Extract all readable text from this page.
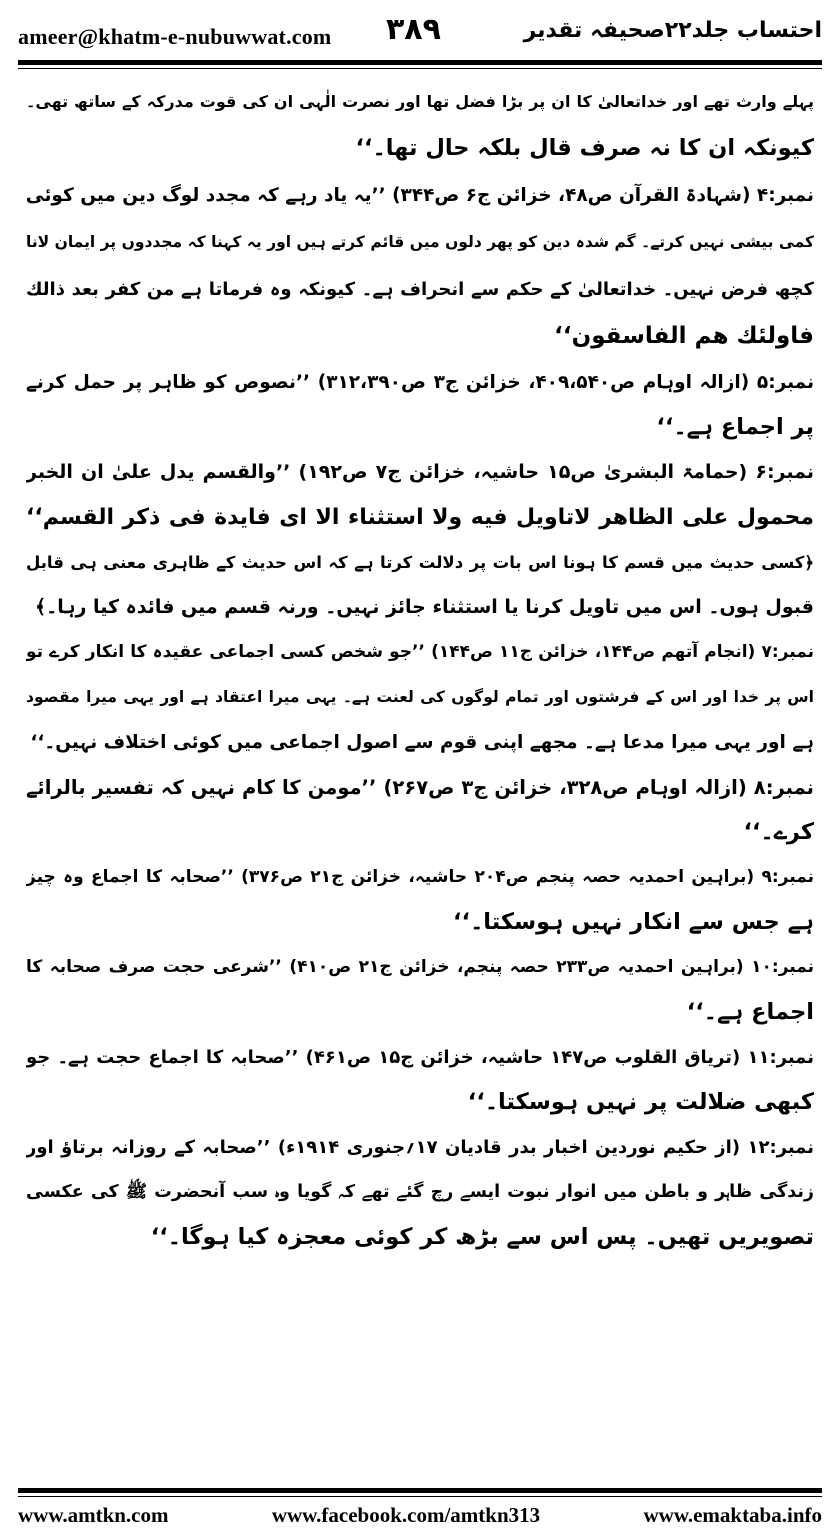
ameer@khatm-e-nubuwwat.com ۳۸۹	احتساب جلد۲۲صحیفہ تقدیر
پہلے وارث تھے اور خداتعالیٰ کا ان پر بڑا فضل تھا اور نصرت الٰہی ان کی قوت مدرکہ کے ساتھ تھی۔
کیونکہ ان کا نہ صرف قال بلکہ حال تھا۔‘‘
نمبر:۴ (شہادۃ القرآن ص۴۸، خزائن ج۶ ص۳۴۴) ’’یہ یاد رہے کہ مجدد لوگ دین میں کوئی
کمی بیشی نہیں کرتے۔ گم شدہ دین کو پھر دلوں میں قائم کرتے ہیں اور یہ کہنا کہ مجددوں پر ایمان لانا
کچھ فرض نہیں۔ خداتعالیٰ کے حکم سے انحراف ہے۔ کیونکہ وہ فرماتا ہے من کفر بعد ذالك
فاولئك هم الفاسقون‘‘
نمبر:۵ (ازالہ اوہام ص۴۰۹،۵۴۰، خزائن ج۳ ص۳۱۲،۳۹۰) ’’نصوص کو ظاہر پر حمل کرنے
پر اجماع ہے۔‘‘
نمبر:۶ (حمامۃ البشریٰ ص۱۵ حاشیہ، خزائن ج۷ ص۱۹۲) ’’والقسم يدل علىٰ ان الخبر
محمول على الظاهر لاتاويل فيه ولا استثناء الا اى فايدة فى ذكر القسم‘‘
﴿کسی حدیث میں قسم کا ہونا اس بات پر دلالت کرتا ہے کہ اس حدیث کے ظاہری معنی ہی قابل
قبول ہوں۔ اس میں تاویل کرنا یا استثناء جائز نہیں۔ ورنہ قسم میں فائدہ کیا رہا۔﴾
نمبر:۷ (انجام آتھم ص۱۴۴، خزائن ج۱۱ ص۱۴۴) ’’جو شخص کسی اجماعی عقیدہ کا انکار کرے تو
اس پر خدا اور اس کے فرشتوں اور تمام لوگوں کی لعنت ہے۔ یہی میرا اعتقاد ہے اور یہی میرا مقصود
ہے اور یہی میرا مدعا ہے۔ مجھے اپنی قوم سے اصول اجماعی میں کوئی اختلاف نہیں۔‘‘
نمبر:۸ (ازالہ اوہام ص۳۲۸، خزائن ج۳ ص۲۶۷) ’’مومن کا کام نہیں کہ تفسیر بالرائے
کرے۔‘‘
نمبر:۹ (براہین احمدیہ حصہ پنجم ص۲۰۴ حاشیہ، خزائن ج۲۱ ص۳۷۶) ’’صحابہ کا اجماع وہ چیز
ہے جس سے انکار نہیں ہوسکتا۔‘‘
نمبر:۱۰ (براہین احمدیہ ص۲۳۳ حصہ پنجم، خزائن ج۲۱ ص۴۱۰) ’’شرعی حجت صرف صحابہ کا
اجماع ہے۔‘‘
نمبر:۱۱ (تریاق القلوب ص۱۴۷ حاشیہ، خزائن ج۱۵ ص۴۶۱) ’’صحابہ کا اجماع حجت ہے۔ جو
کبھی ضلالت پر نہیں ہوسکتا۔‘‘
نمبر:۱۲ (از حکیم نوردین اخبار بدر قادیان ۱۷؍جنوری ۱۹۱۴ء) ’’صحابہ کے روزانہ برتاؤ اور
زندگی ظاہر و باطن میں انوار نبوت ایسے رچ گئے تھے کہ گویا وہ سب آنحضرت ﷺ کی عکسی
تصویریں تھیں۔ پس اس سے بڑھ کر کوئی معجزہ کیا ہوگا۔‘‘
www.amtkn.com	www.facebook.com/amtkn313	www.emaktaba.info
